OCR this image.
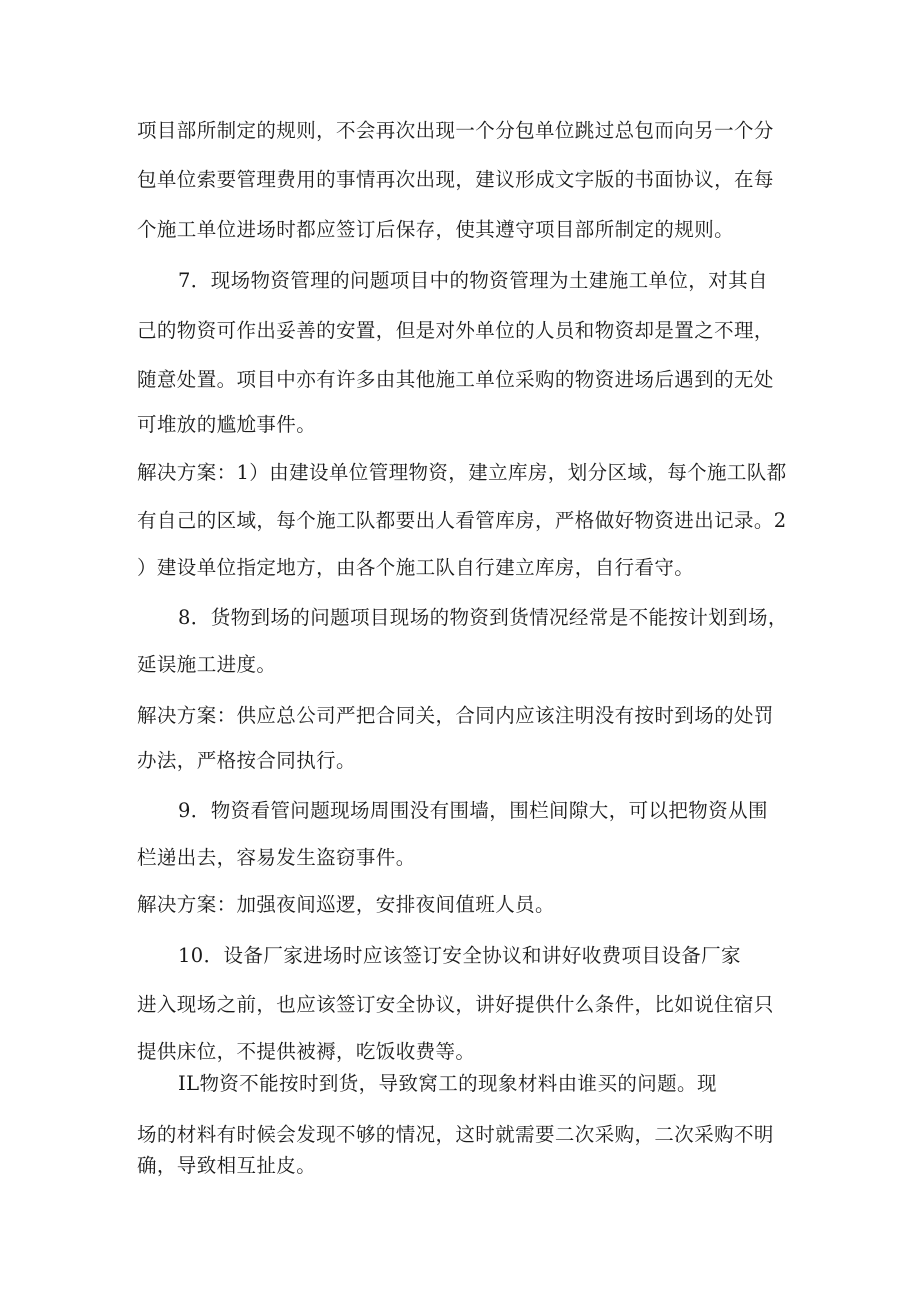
项目部所制定的规则，不会再次出现一个分包单位跳过总包而向另一个分
包单位索要管理费用的事情再次出现，建议形成文字版的书面协议，在每
个施工单位进场时都应签订后保存，使其遵守项目部所制定的规则。
7．现场物资管理的问题项目中的物资管理为土建施工单位，对其自
己的物资可作出妥善的安置，但是对外单位的人员和物资却是置之不理，
随意处置。项目中亦有许多由其他施工单位采购的物资进场后遇到的无处
可堆放的尴尬事件。
解决方案：1）由建设单位管理物资，建立库房，划分区域，每个施工队都
有自己的区域，每个施工队都要出人看管库房，严格做好物资进出记录。2
）建设单位指定地方，由各个施工队自行建立库房，自行看守。
8．货物到场的问题项目现场的物资到货情况经常是不能按计划到场，
延误施工进度。
解决方案：供应总公司严把合同关，合同内应该注明没有按时到场的处罚
办法，严格按合同执行。
9．物资看管问题现场周围没有围墙，围栏间隙大，可以把物资从围
栏递出去，容易发生盗窃事件。
解决方案：加强夜间巡逻，安排夜间值班人员。
10．设备厂家进场时应该签订安全协议和讲好收费项目设备厂家
进入现场之前，也应该签订安全协议，讲好提供什么条件，比如说住宿只
提供床位，不提供被褥，吃饭收费等。
IL物资不能按时到货，导致窝工的现象材料由谁买的问题。现
场的材料有时候会发现不够的情况，这时就需要二次采购，二次采购不明
确，导致相互扯皮。
